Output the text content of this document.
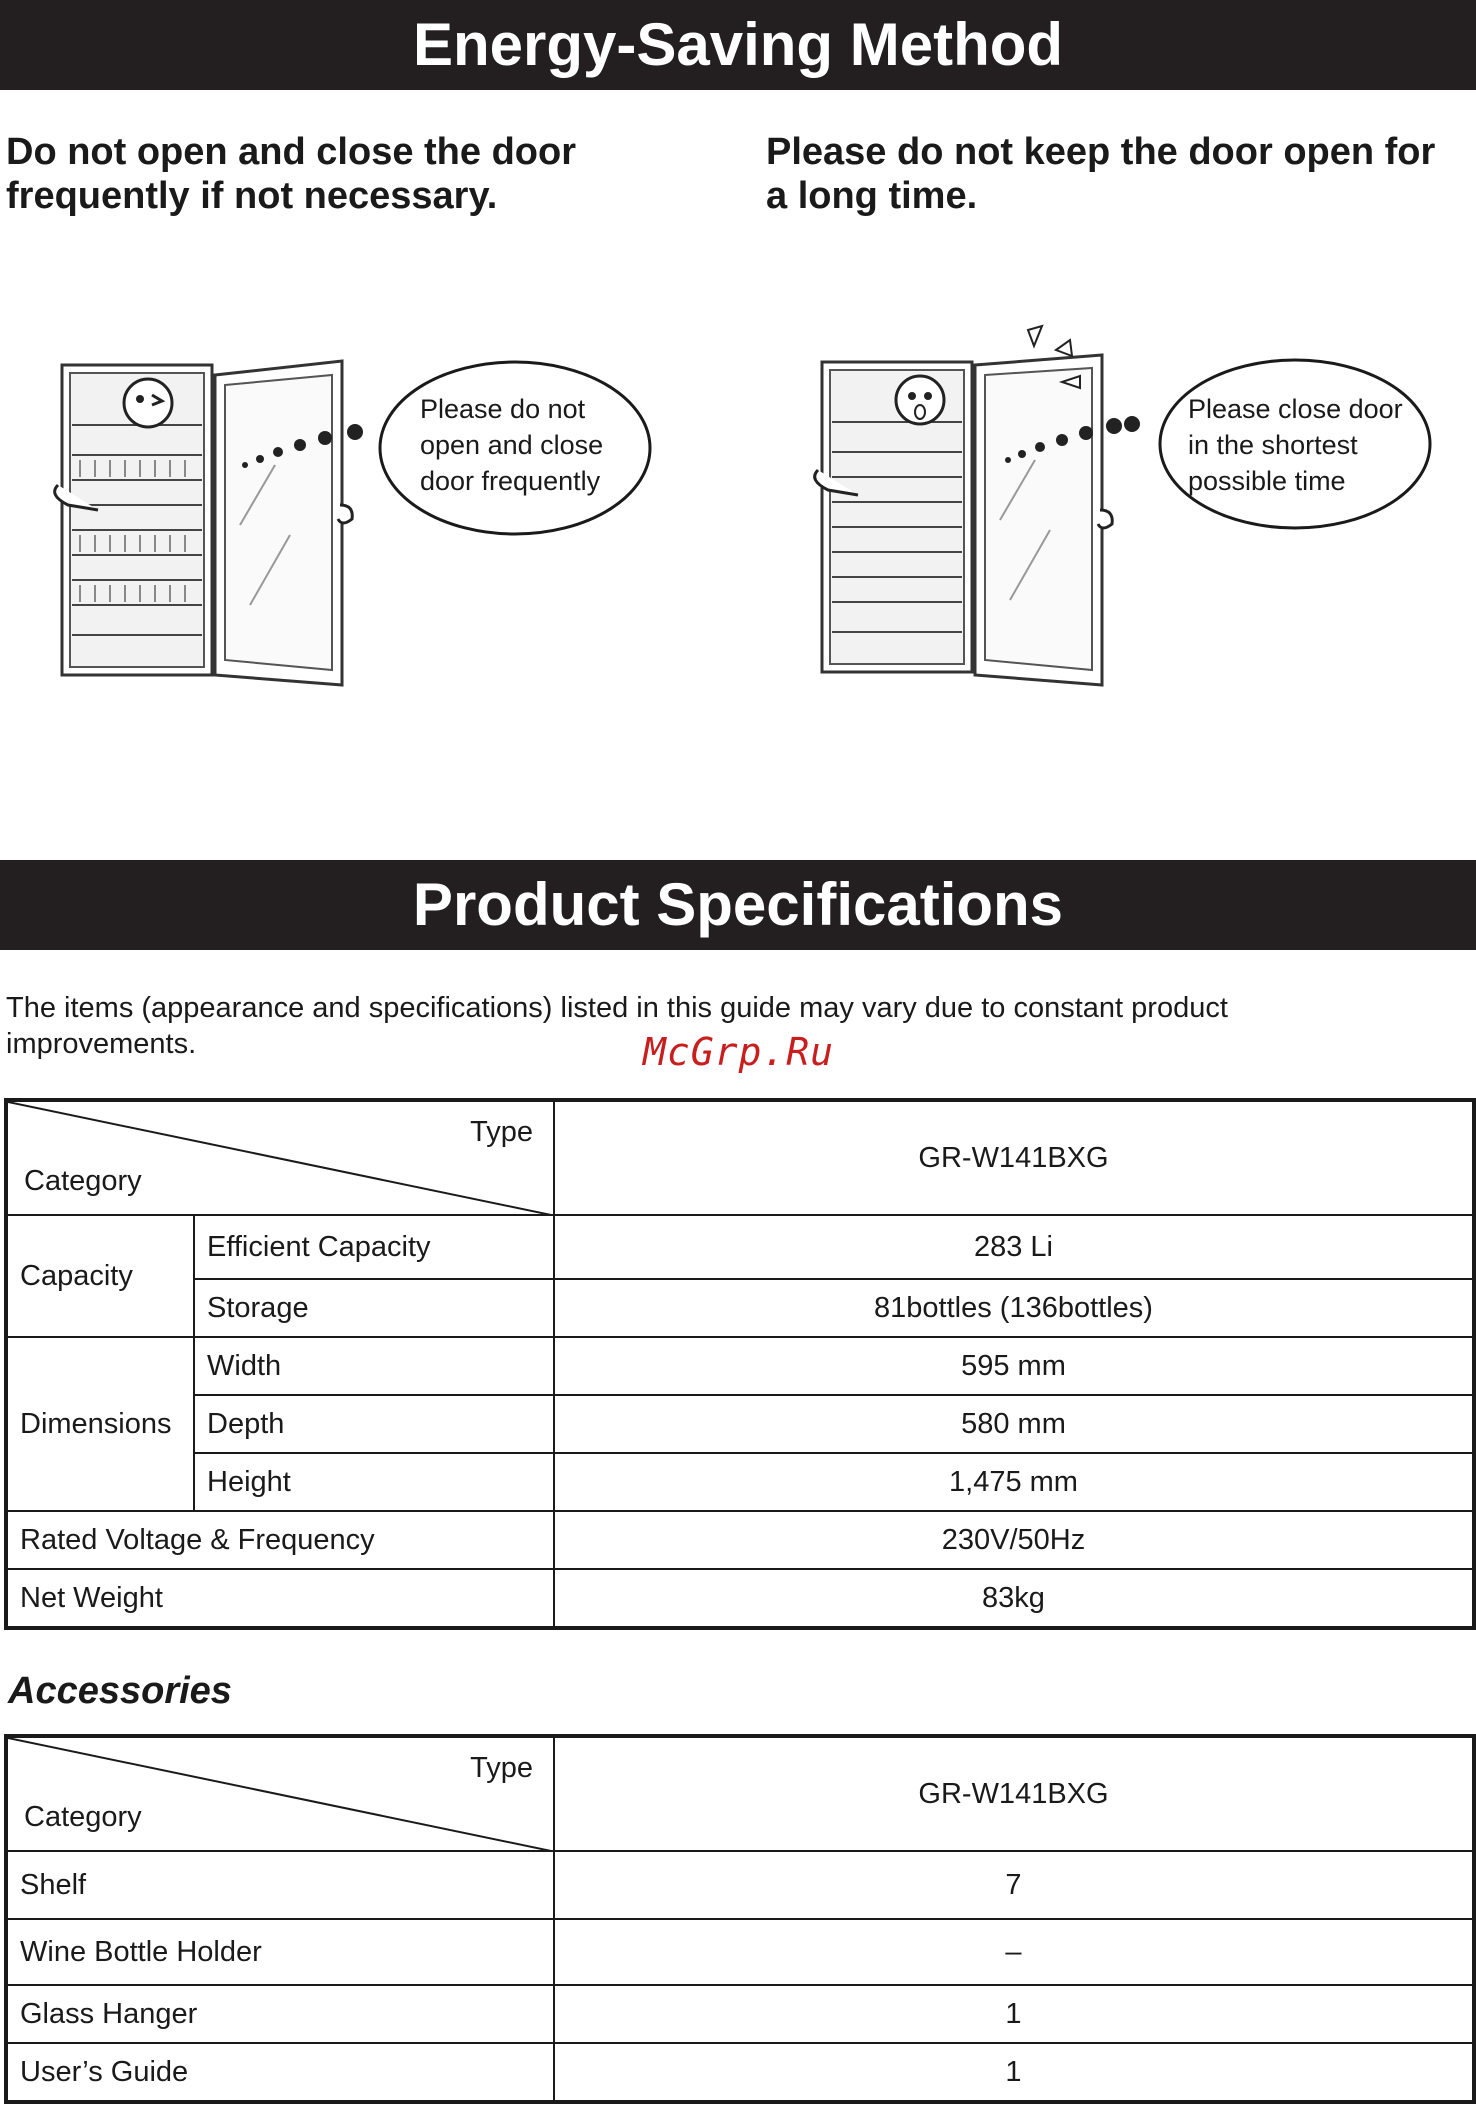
Energy-Saving Method
Do not open and close the door
frequently if not necessary.
Please do not keep the door open for
a long time.
Please do not
open and close
door frequently
Please close door
in the shortest
possible time
Product Specifications
The items (appearance and specifications) listed in this guide may vary due to constant product
improvements.	McGrp.Ru
Type
Category		GR-W141BXG
Capacity	Efficient Capacity	283 Li
	Storage	81bottles (136bottles)
Dimensions	Width	595 mm
	Depth	580 mm
	Height	1,475 mm
Rated Voltage & Frequency		230V/50Hz
Net Weight		83kg
Accessories
Type
Category	GR-W141BXG
Shelf	7
Wine Bottle Holder	–
Glass Hanger	1
User’s Guide	1
